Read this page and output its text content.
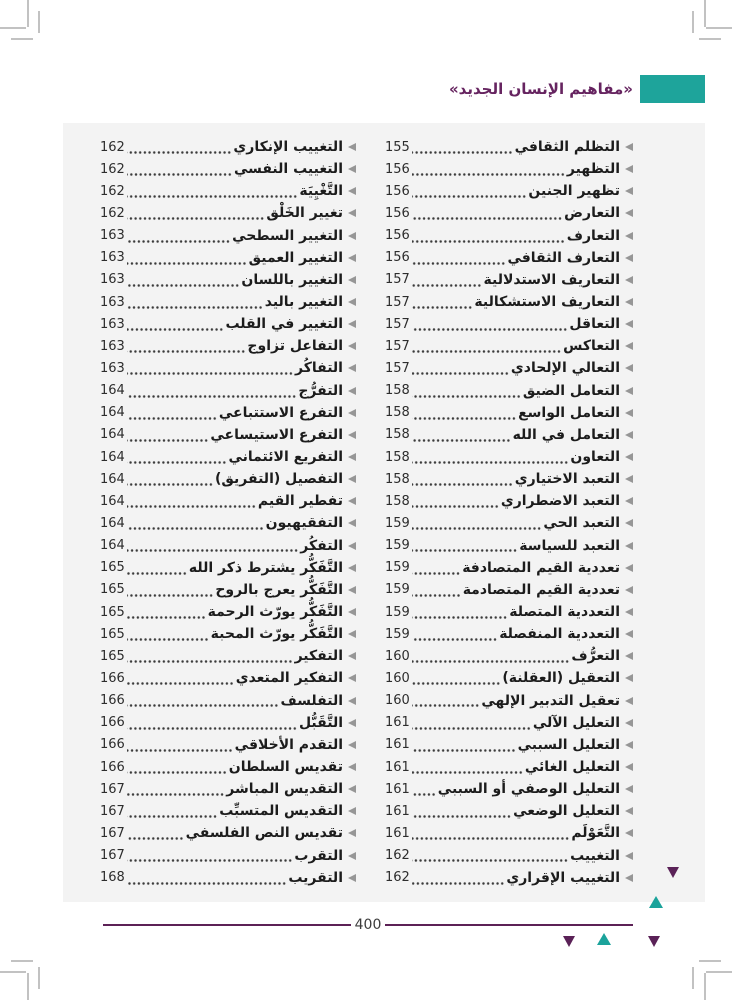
«مفاهيم الإنسان الجديد»
التظلم الثقافي
155
التظهير
156
تظهير الجنين
156
التعارض
156
التعارف
156
التعارف الثقافي
156
التعاريف الاستدلالية
157
التعاريف الاستشكالية
157
التعاقل
157
التعاكس
157
التعالي الإلحادي
157
التعامل الضيق
158
التعامل الواسع
158
التعامل في الله
158
التعاون
158
التعبد الاختياري
158
التعبد الاضطراري
158
التعبد الحي
159
التعبد للسياسة
159
تعددية القيم المتصادفة
159
تعددية القيم المتصادمة
159
التعددية المتصلة
159
التعددية المنفصلة
159
التعرُّف
160
التعقيل (العقلنة)
160
تعقيل التدبير الإلهي
160
التعليل الآلي
161
التعليل السببي
161
التعليل الغائي
161
التعليل الوصفي أو السببي
161
التعليل الوضعي
161
التَّعَوْلَم
161
التغييب
162
التغييب الإقراري
162
التغييب الإنكاري
162
التغييب النفسي
162
التَّغْيِيَة
162
تغيير الخَلْق
162
التغيير السطحي
163
التغيير العميق
163
التغيير باللسان
163
التغيير باليد
163
التغيير في القلب
163
التفاعل تزاوج
163
التفاكُر
163
التفرُّج
164
التفرع الاستتباعي
164
التفرع الاستيساعي
164
التفريع الائتماني
164
التفصيل (التفريق)
164
تفطير القيم
164
التفقيهيون
164
التفكُر
164
التَّفَكُّر يشترط ذكر الله
165
التَّفَكُّر يعرج بالروح
165
التَّفَكُّر يورّث الرحمة
165
التَّفَكُّر يورّث المحبة
165
التفكير
165
التفكير المتعدي
166
التفلسف
166
التَّقَبُّل
166
التقدم الأخلاقي
166
تقديس السلطان
166
التقديس المباشر
167
التقديس المتسبِّب
167
تقديس النص الفلسفي
167
التقرب
167
التقريب
168
400
